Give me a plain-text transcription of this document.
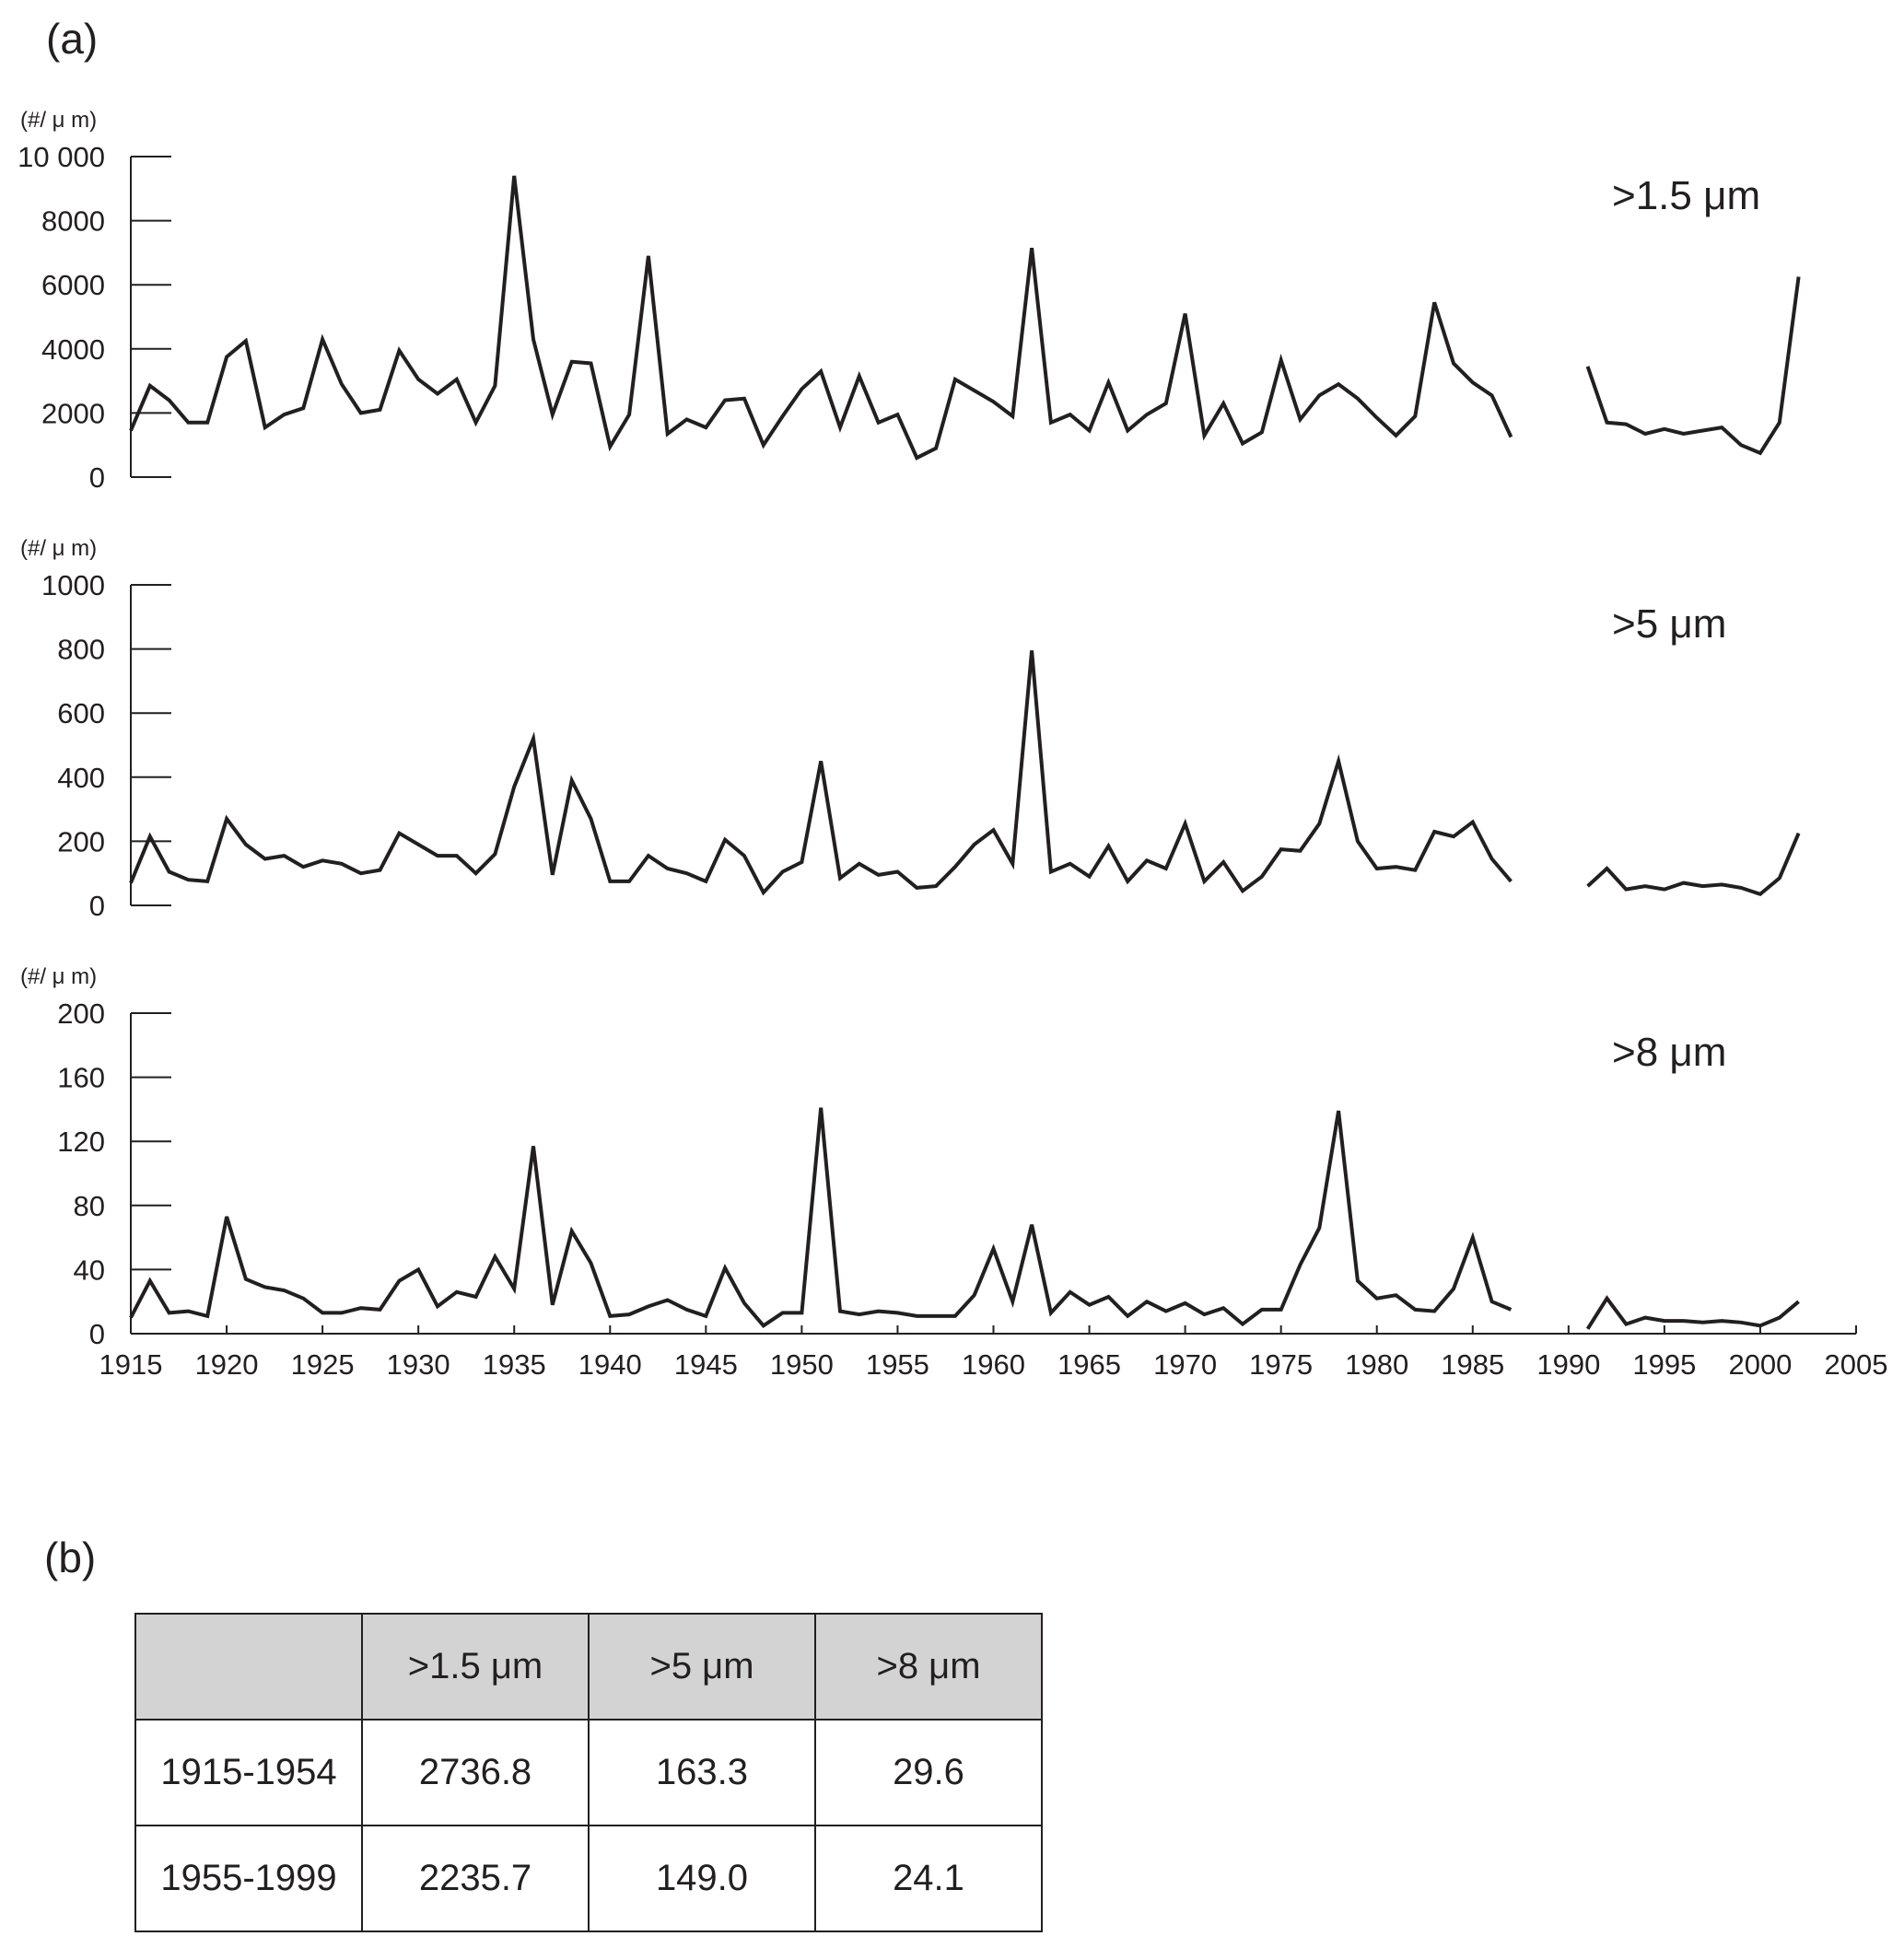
(a)
(#/ μ m)
>1.5 μm
0
2000
4000
6000
8000
10 000
(#/ μ m)
>5 μm
0
200
400
600
800
1000
(#/ μ m)
>8 μm
0
40
80
120
160
200
1915 1920 1925 1930 1935 1940 1945 1950 1955 1960 1965 1970 1975 1980 1985 1990 1995 2000 2005
(b)
	>1.5 μm	>5 μm	>8 μm
1915-1954	2736.8	163.3	29.6
1955-1999	2235.7	149.0	24.1
